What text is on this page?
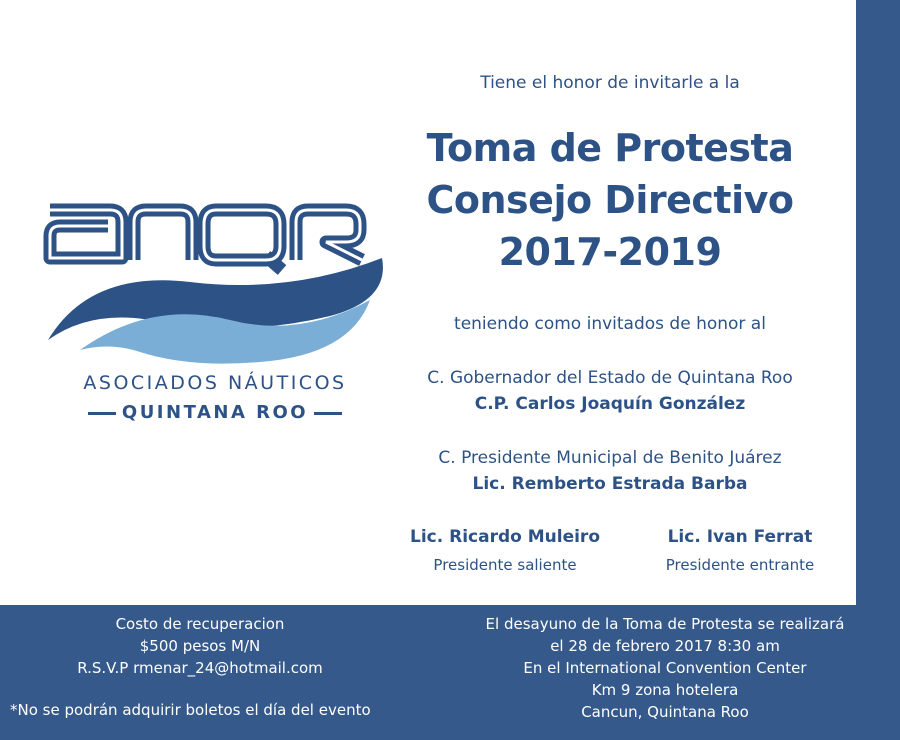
ASOCIADOS NÁUTICOS
QUINTANA ROO
Tiene el honor de invitarle a la
Toma de Protesta
Consejo Directivo
2017-2019
teniendo como invitados de honor al
C. Gobernador del Estado de Quintana Roo
C.P. Carlos Joaquín González
C. Presidente Municipal de Benito Juárez
Lic. Remberto Estrada Barba
Lic. Ricardo Muleiro
Presidente saliente
Lic. Ivan Ferrat
Presidente entrante
Costo de recuperacion
$500 pesos M/N
R.S.V.P rmenar_24@hotmail.com
*No se podrán adquirir boletos el día del evento
El desayuno de la Toma de Protesta se realizará
el 28 de febrero 2017 8:30 am
En el International Convention Center
Km 9 zona hotelera
Cancun, Quintana Roo
